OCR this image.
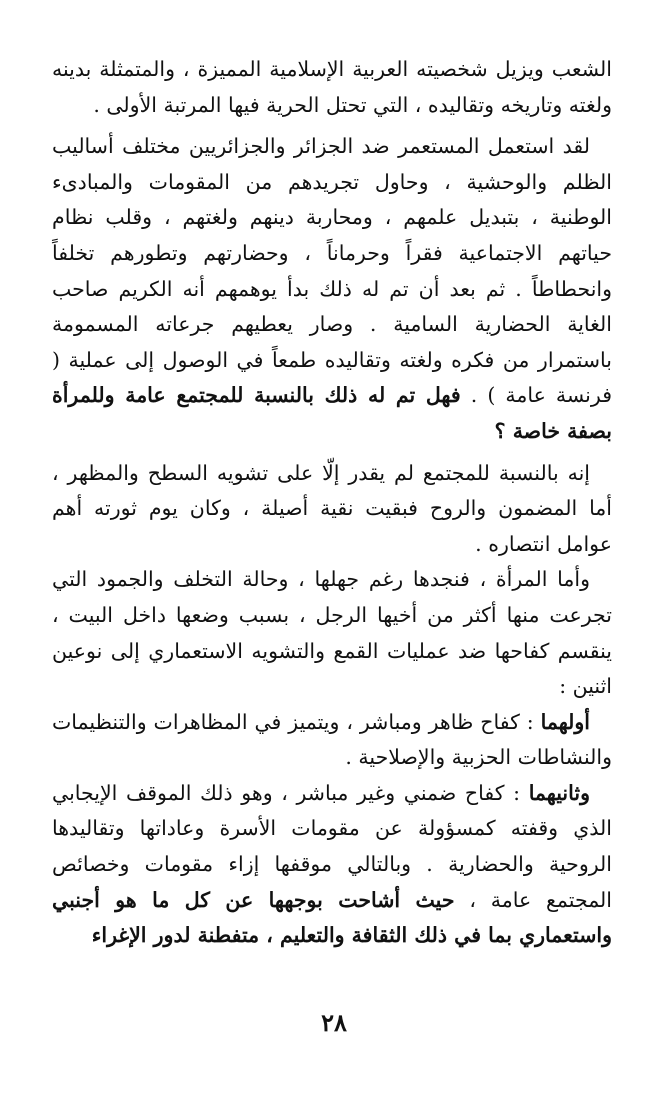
الشعب ويزيل شخصيته العربية الإسلامية المميزة ، والمتمثلة بدينه ولغته وتاريخه وتقاليده ، التي تحتل الحرية فيها المرتبة الأولى .

لقد استعمل المستعمر ضد الجزائر والجزائريين مختلف أساليب الظلم والوحشية ، وحاول تجريدهم من المقومات والمبادىء الوطنية ، بتبديل علمهم ، ومحاربة دينهم ولغتهم ، وقلب نظام حياتهم الاجتماعية فقراً وحرماناً ، وحضارتهم وتطورهم تخلفاً وانحطاطاً . ثم بعد أن تم له ذلك بدأ يوهمهم أنه الكريم صاحب الغاية الحضارية السامية . وصار يعطيهم جرعاته المسمومة باستمرار من فكره ولغته وتقاليده طمعاً في الوصول إلى عملية ( فرنسة عامة ) . فهل تم له ذلك بالنسبة للمجتمع عامة وللمرأة بصفة خاصة ؟

إنه بالنسبة للمجتمع لم يقدر إلّا على تشويه السطح والمظهر ، أما المضمون والروح فبقيت نقية أصيلة ، وكان يوم ثورته أهم عوامل انتصاره .

وأما المرأة ، فنجدها رغم جهلها ، وحالة التخلف والجمود التي تجرعت منها أكثر من أخيها الرجل ، بسبب وضعها داخل البيت ، ينقسم كفاحها ضد عمليات القمع والتشويه الاستعماري إلى نوعين اثنين :

أولهما : كفاح ظاهر ومباشر ، ويتميز في المظاهرات والتنظيمات والنشاطات الحزبية والإصلاحية .

وثانيهما : كفاح ضمني وغير مباشر ، وهو ذلك الموقف الإيجابي الذي وقفته كمسؤولة عن مقومات الأسرة وعاداتها وتقاليدها الروحية والحضارية . وبالتالي موقفها إزاء مقومات وخصائص المجتمع عامة ، حيث أشاحت بوجهها عن كل ما هو أجنبي واستعماري بما في ذلك الثقافة والتعليم ، متفطنة لدور الإغراء

٢٨
